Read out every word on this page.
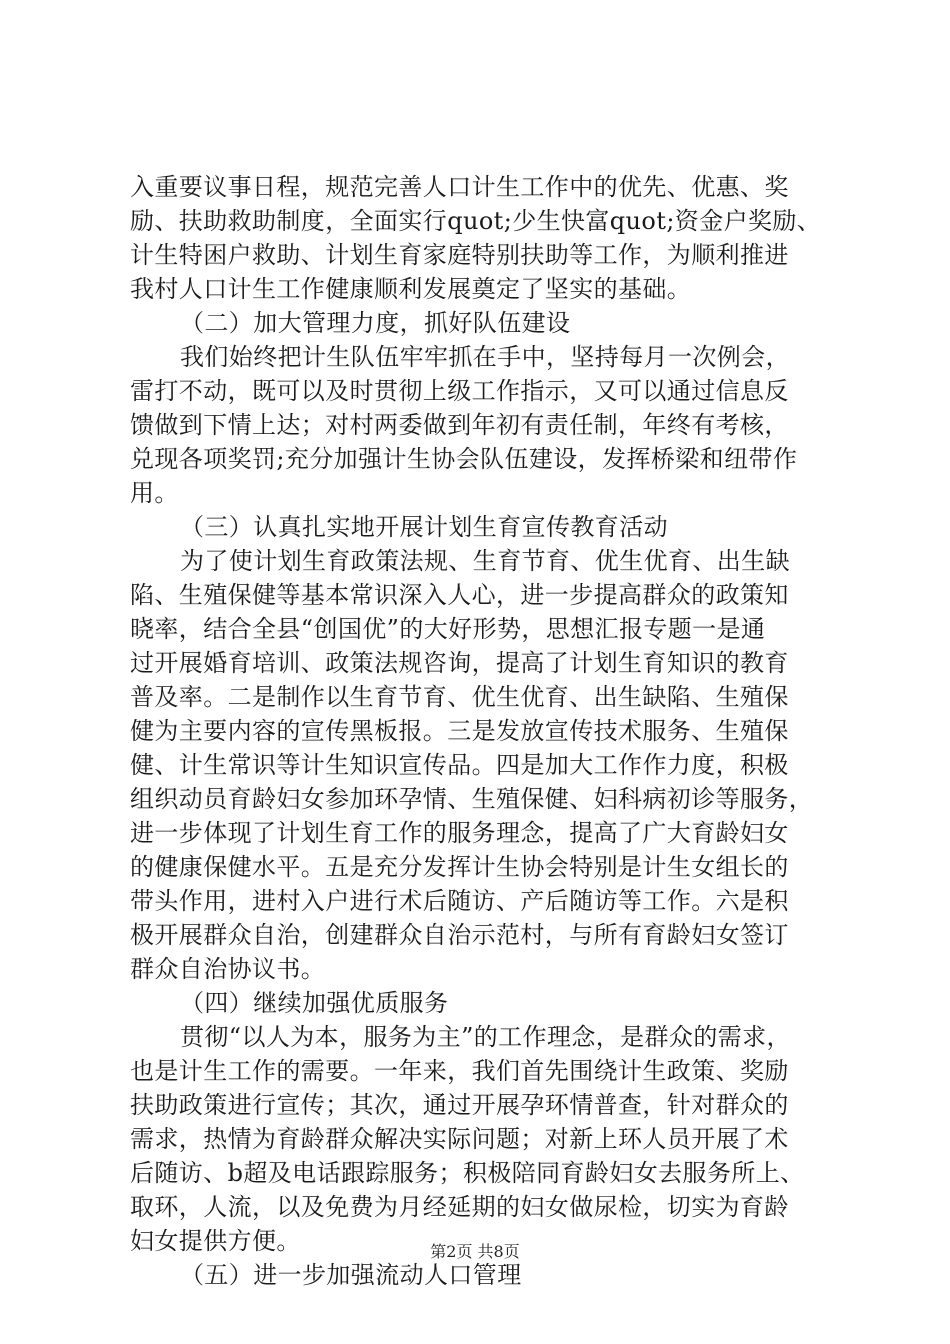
入重要议事日程，规范完善人口计生工作中的优先、优惠、奖
励、扶助救助制度，全面实行quot;少生快富quot;资金户奖励、
计生特困户救助、计划生育家庭特别扶助等工作，为顺利推进
我村人口计生工作健康顺利发展奠定了坚实的基础。
（二）加大管理力度，抓好队伍建设
我们始终把计生队伍牢牢抓在手中，坚持每月一次例会，
雷打不动，既可以及时贯彻上级工作指示，又可以通过信息反
馈做到下情上达；对村两委做到年初有责任制，年终有考核，
兑现各项奖罚;充分加强计生协会队伍建设，发挥桥梁和纽带作
用。
（三）认真扎实地开展计划生育宣传教育活动
为了使计划生育政策法规、生育节育、优生优育、出生缺
陷、生殖保健等基本常识深入人心，进一步提高群众的政策知
晓率，结合全县“创国优”的大好形势，思想汇报专题一是通
过开展婚育培训、政策法规咨询，提高了计划生育知识的教育
普及率。二是制作以生育节育、优生优育、出生缺陷、生殖保
健为主要内容的宣传黑板报。三是发放宣传技术服务、生殖保
健、计生常识等计生知识宣传品。四是加大工作作力度，积极
组织动员育龄妇女参加环孕情、生殖保健、妇科病初诊等服务，
进一步体现了计划生育工作的服务理念，提高了广大育龄妇女
的健康保健水平。五是充分发挥计生协会特别是计生女组长的
带头作用，进村入户进行术后随访、产后随访等工作。六是积
极开展群众自治，创建群众自治示范村，与所有育龄妇女签订
群众自治协议书。
（四）继续加强优质服务
贯彻“以人为本，服务为主”的工作理念，是群众的需求，
也是计生工作的需要。一年来，我们首先围绕计生政策、奖励
扶助政策进行宣传；其次，通过开展孕环情普查，针对群众的
需求，热情为育龄群众解决实际问题；对新上环人员开展了术
后随访、b超及电话跟踪服务；积极陪同育龄妇女去服务所上、
取环，人流，以及免费为月经延期的妇女做尿检，切实为育龄
妇女提供方便。
（五）进一步加强流动人口管理
第2页 共8页
